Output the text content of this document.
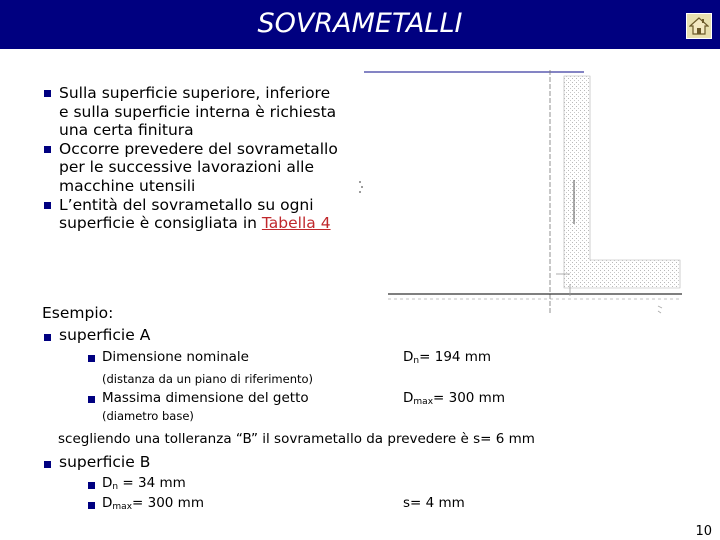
SOVRAMETALLI
Sulla superficie superiore, inferiore e sulla superficie interna è richiesta una certa finitura
Occorre prevedere del sovrametallo per le successive lavorazioni alle macchine utensili
L’entità del sovrametallo su ogni superficie è consigliata in Tabella 4
Esempio:
superficie A
Dimensione nominale	$D_n= 194$ mm
(distanza da un piano di riferimento)
Massima dimensione del getto	$D_{max}= 300$ mm
(diametro base)
scegliendo una tolleranza “B” il sovrametallo da prevedere è s= 6 mm
superficie B
$D_n = 34$ mm
$D_{max}= 300$ mm	s= 4 mm
10
